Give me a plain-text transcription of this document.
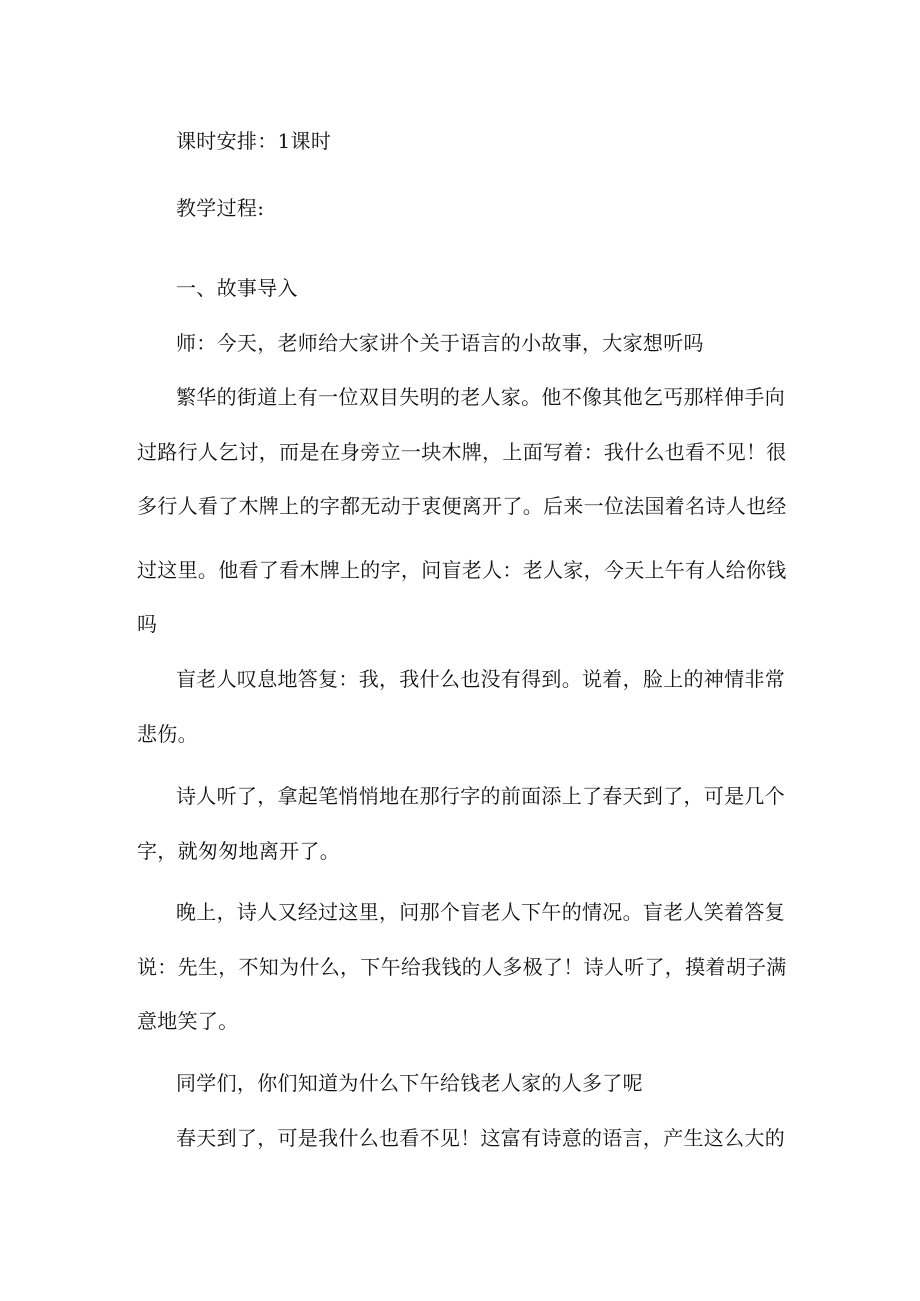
课时安排：1课时

教学过程:

一、故事导入

师：今天，老师给大家讲个关于语言的小故事，大家想听吗

繁华的街道上有一位双目失明的老人家。他不像其他乞丐那样伸手向

过路行人乞讨，而是在身旁立一块木牌，上面写着：我什么也看不见！很

多行人看了木牌上的字都无动于衷便离开了。后来一位法国着名诗人也经

过这里。他看了看木牌上的字，问盲老人：老人家，今天上午有人给你钱

吗

盲老人叹息地答复：我，我什么也没有得到。说着，脸上的神情非常

悲伤。

诗人听了，拿起笔悄悄地在那行字的前面添上了春天到了，可是几个

字，就匆匆地离开了。

晚上，诗人又经过这里，问那个盲老人下午的情况。盲老人笑着答复

说：先生，不知为什么，下午给我钱的人多极了！诗人听了，摸着胡子满

意地笑了。

同学们，你们知道为什么下午给钱老人家的人多了呢

春天到了，可是我什么也看不见！这富有诗意的语言，产生这么大的
